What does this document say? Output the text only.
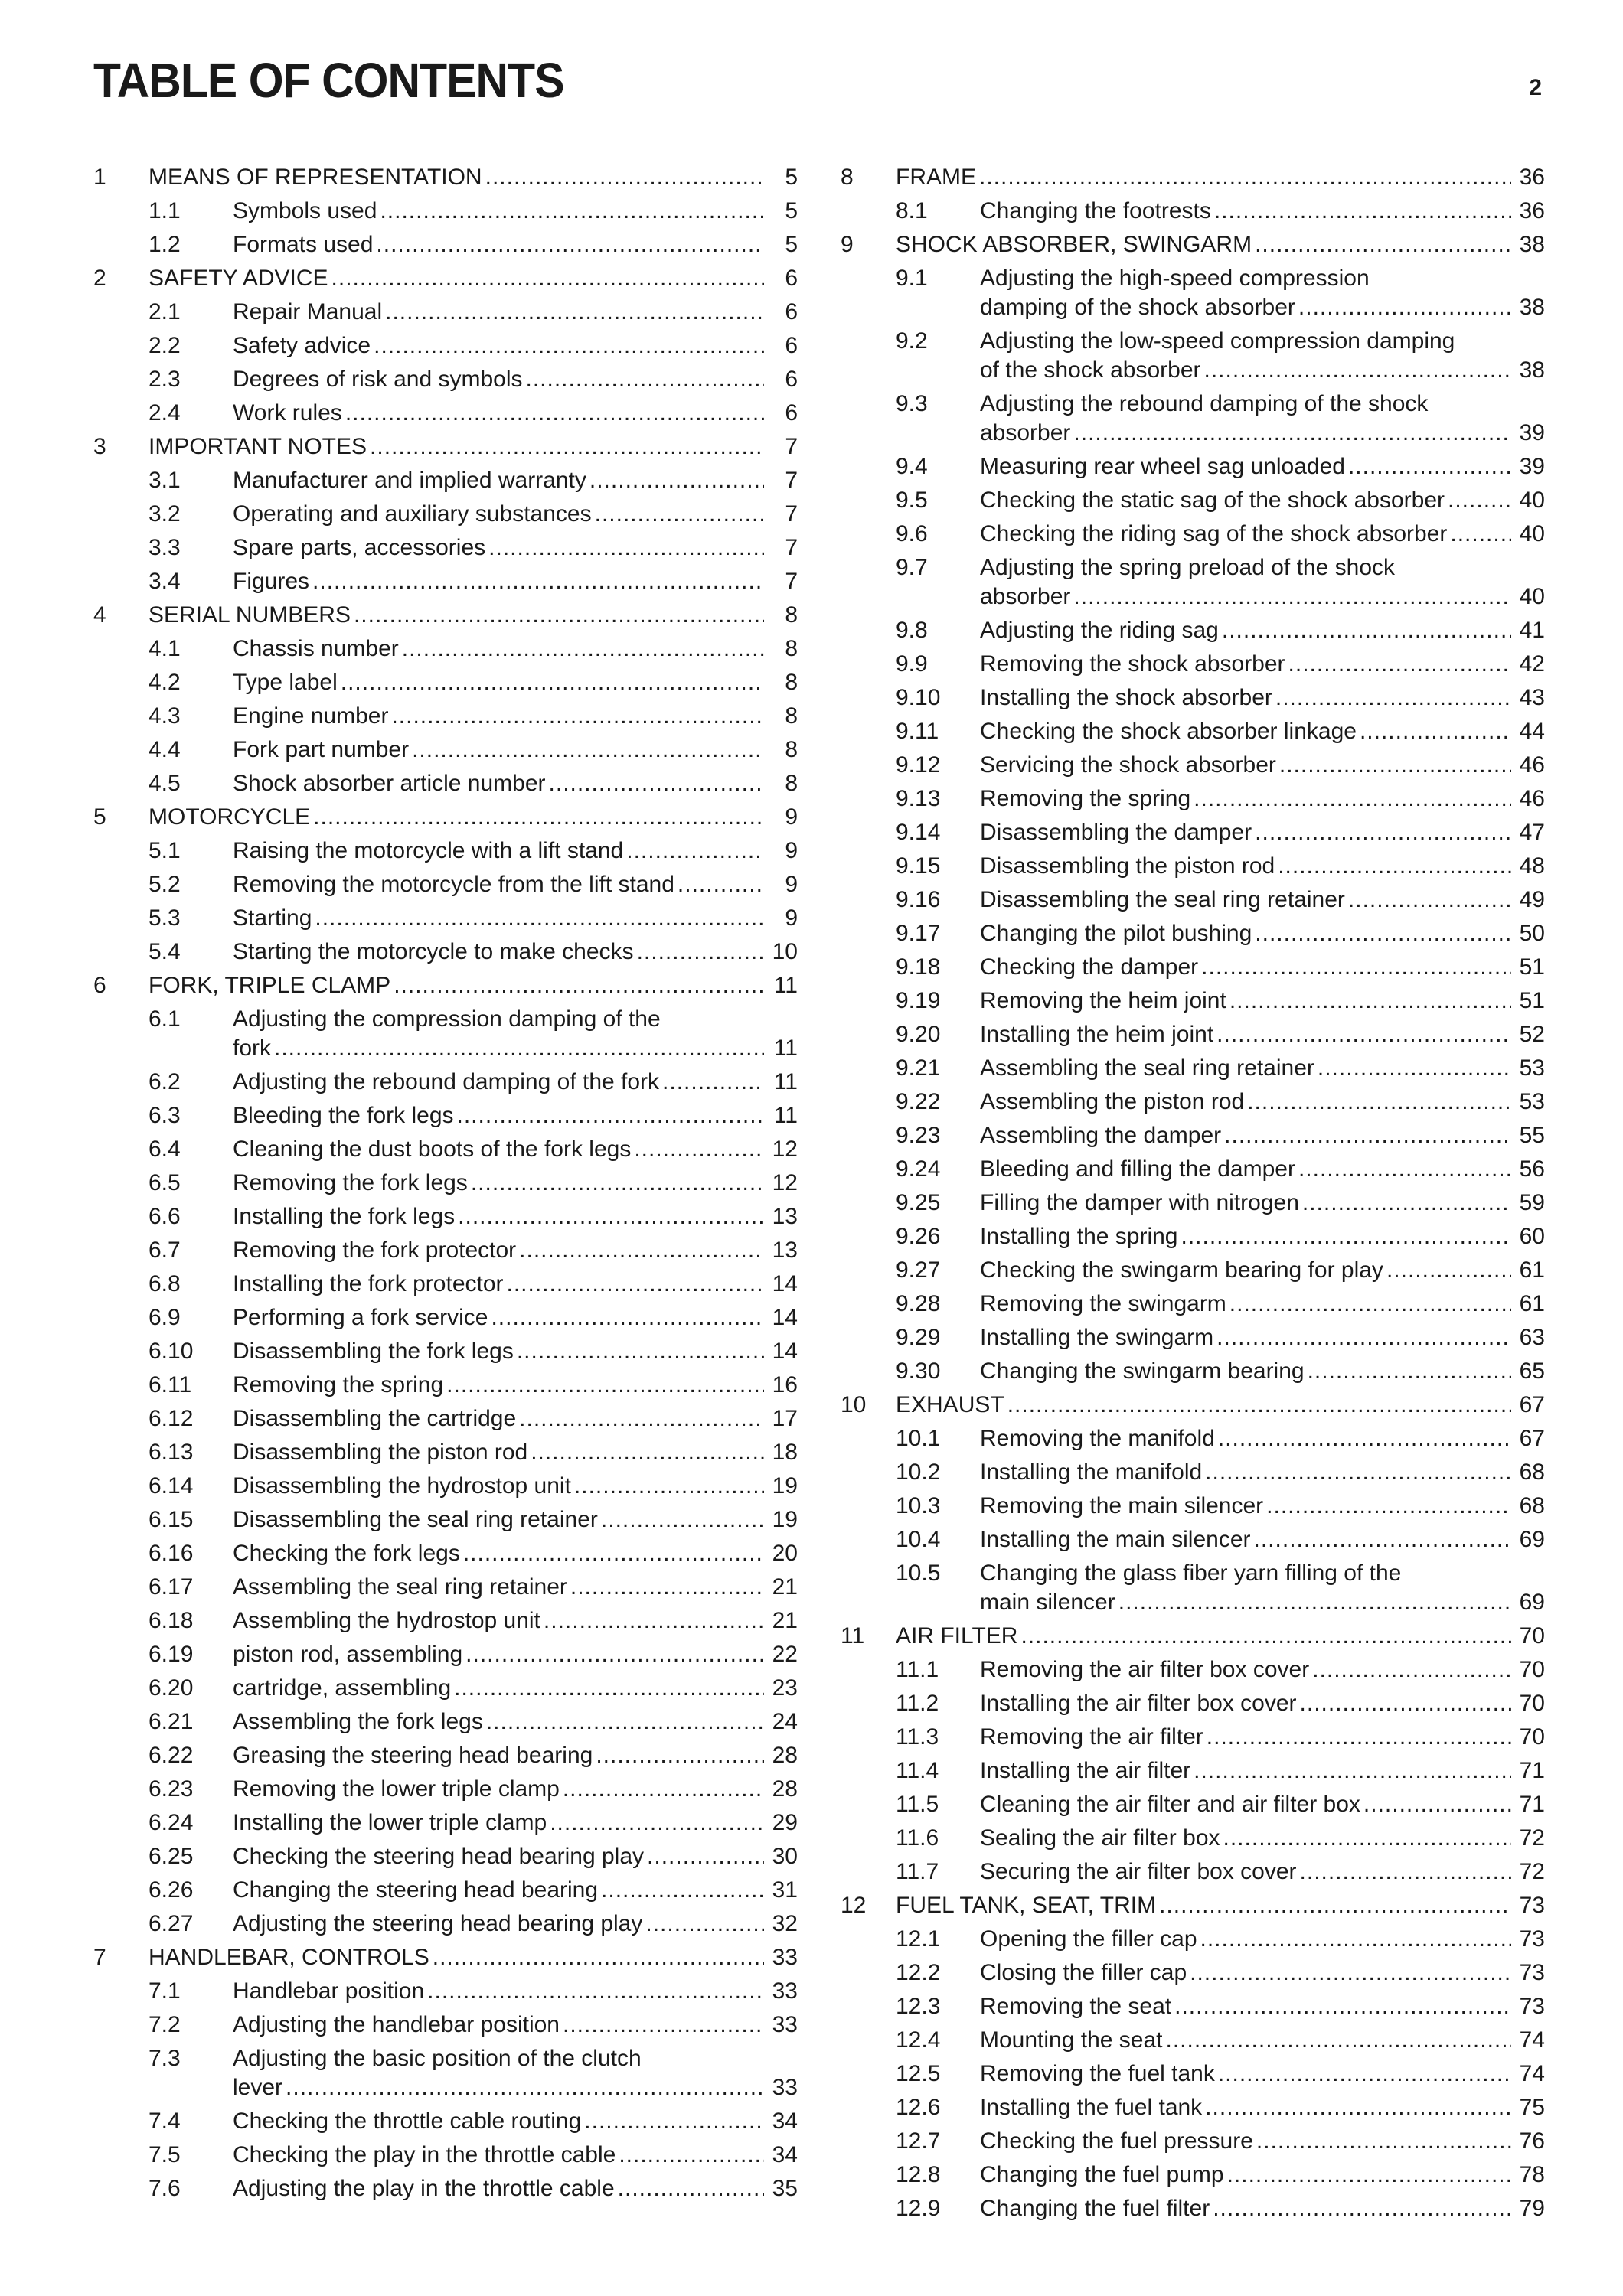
TABLE OF CONTENTS	2
1 MEANS OF REPRESENTATION .....	5
1.1 Symbols used .....	5
1.2 Formats used .....	5
2 SAFETY ADVICE .....	6
2.1 Repair Manual .....	6
2.2 Safety advice .....	6
2.3 Degrees of risk and symbols .....	6
2.4 Work rules .....	6
3 IMPORTANT NOTES .....	7
3.1 Manufacturer and implied warranty .....	7
3.2 Operating and auxiliary substances .....	7
3.3 Spare parts, accessories .....	7
3.4 Figures .....	7
4 SERIAL NUMBERS .....	8
4.1 Chassis number .....	8
4.2 Type label .....	8
4.3 Engine number .....	8
4.4 Fork part number .....	8
4.5 Shock absorber article number .....	8
5 MOTORCYCLE .....	9
5.1 Raising the motorcycle with a lift stand .....	9
5.2 Removing the motorcycle from the lift stand .....	9
5.3 Starting .....	9
5.4 Starting the motorcycle to make checks .....	10
6 FORK, TRIPLE CLAMP .....	11
6.1 Adjusting the compression damping of the
fork .....	11
6.2 Adjusting the rebound damping of the fork .....	11
6.3 Bleeding the fork legs .....	11
6.4 Cleaning the dust boots of the fork legs .....	12
6.5 Removing the fork legs .....	12
6.6 Installing the fork legs .....	13
6.7 Removing the fork protector .....	13
6.8 Installing the fork protector .....	14
6.9 Performing a fork service .....	14
6.10 Disassembling the fork legs .....	14
6.11 Removing the spring .....	16
6.12 Disassembling the cartridge .....	17
6.13 Disassembling the piston rod .....	18
6.14 Disassembling the hydrostop unit .....	19
6.15 Disassembling the seal ring retainer .....	19
6.16 Checking the fork legs .....	20
6.17 Assembling the seal ring retainer .....	21
6.18 Assembling the hydrostop unit .....	21
6.19 piston rod, assembling .....	22
6.20 cartridge, assembling .....	23
6.21 Assembling the fork legs .....	24
6.22 Greasing the steering head bearing .....	28
6.23 Removing the lower triple clamp .....	28
6.24 Installing the lower triple clamp .....	29
6.25 Checking the steering head bearing play .....	30
6.26 Changing the steering head bearing .....	31
6.27 Adjusting the steering head bearing play .....	32
7 HANDLEBAR, CONTROLS .....	33
7.1 Handlebar position .....	33
7.2 Adjusting the handlebar position .....	33
7.3 Adjusting the basic position of the clutch
lever .....	33
7.4 Checking the throttle cable routing .....	34
7.5 Checking the play in the throttle cable .....	34
7.6 Adjusting the play in the throttle cable .....	35
8 FRAME .....	36
8.1 Changing the footrests .....	36
9 SHOCK ABSORBER, SWINGARM .....	38
9.1 Adjusting the high-speed compression
damping of the shock absorber .....	38
9.2 Adjusting the low-speed compression damping
of the shock absorber .....	38
9.3 Adjusting the rebound damping of the shock
absorber .....	39
9.4 Measuring rear wheel sag unloaded .....	39
9.5 Checking the static sag of the shock absorber .....	40
9.6 Checking the riding sag of the shock absorber .....	40
9.7 Adjusting the spring preload of the shock
absorber .....	40
9.8 Adjusting the riding sag .....	41
9.9 Removing the shock absorber .....	42
9.10 Installing the shock absorber .....	43
9.11 Checking the shock absorber linkage .....	44
9.12 Servicing the shock absorber .....	46
9.13 Removing the spring .....	46
9.14 Disassembling the damper .....	47
9.15 Disassembling the piston rod .....	48
9.16 Disassembling the seal ring retainer .....	49
9.17 Changing the pilot bushing .....	50
9.18 Checking the damper .....	51
9.19 Removing the heim joint .....	51
9.20 Installing the heim joint .....	52
9.21 Assembling the seal ring retainer .....	53
9.22 Assembling the piston rod .....	53
9.23 Assembling the damper .....	55
9.24 Bleeding and filling the damper .....	56
9.25 Filling the damper with nitrogen .....	59
9.26 Installing the spring .....	60
9.27 Checking the swingarm bearing for play .....	61
9.28 Removing the swingarm .....	61
9.29 Installing the swingarm .....	63
9.30 Changing the swingarm bearing .....	65
10 EXHAUST .....	67
10.1 Removing the manifold .....	67
10.2 Installing the manifold .....	68
10.3 Removing the main silencer .....	68
10.4 Installing the main silencer .....	69
10.5 Changing the glass fiber yarn filling of the
main silencer .....	69
11 AIR FILTER .....	70
11.1 Removing the air filter box cover .....	70
11.2 Installing the air filter box cover .....	70
11.3 Removing the air filter .....	70
11.4 Installing the air filter .....	71
11.5 Cleaning the air filter and air filter box .....	71
11.6 Sealing the air filter box .....	72
11.7 Securing the air filter box cover .....	72
12 FUEL TANK, SEAT, TRIM .....	73
12.1 Opening the filler cap .....	73
12.2 Closing the filler cap .....	73
12.3 Removing the seat .....	73
12.4 Mounting the seat .....	74
12.5 Removing the fuel tank .....	74
12.6 Installing the fuel tank .....	75
12.7 Checking the fuel pressure .....	76
12.8 Changing the fuel pump .....	78
12.9 Changing the fuel filter .....	79
